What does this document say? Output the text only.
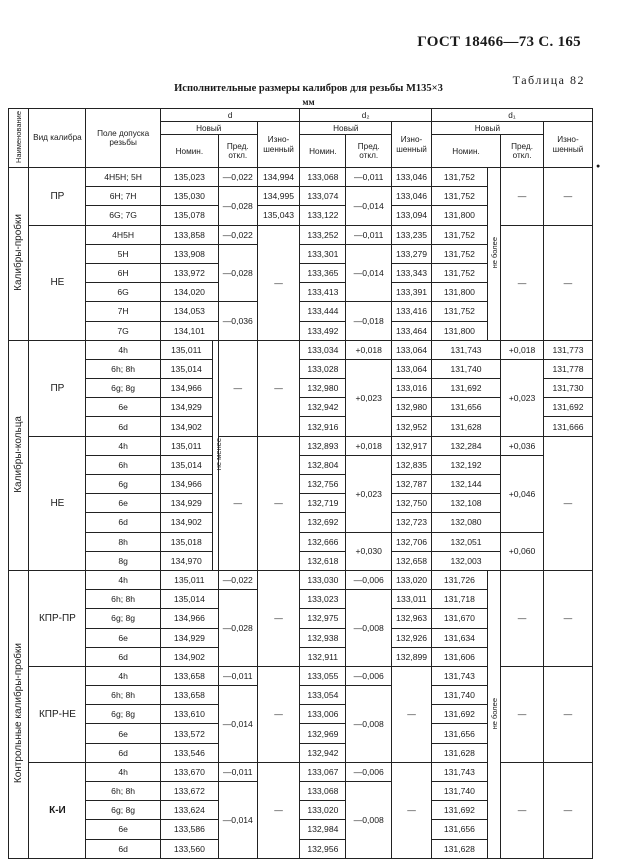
ГОСТ 18466—73 С. 165
Таблица 82
Исполнительные размеры калибров для резьбы М135×3
мм
●
Наименование	Вид калибра	Поле допуска резьбы	d				d₂			d₁			
			Новый			Изно-шенный	Новый		Изно-шенный	Новый			Изно-шенный
			Номин.		Пред. откл.		Номин.	Пред. откл.		Номин.		Пред. откл.	
Калибры-пробки	ПР	4H5H; 5H	135,023		—0,022	134,994	133,068	—0,011	133,046	131,752	не более	—	—
		6H; 7H	135,030		—0,028	134,995	133,074	—0,014	133,046	131,752			
		6G; 7G	135,078			135,043	133,122		133,094	131,800			
	НЕ	4H5H	133,858		—0,022	—	133,252	—0,011	133,235	131,752		—	—
		5H	133,908		—0,028		133,301	—0,014	133,279	131,752			
		6H	133,972				133,365		133,343	131,752			
		6G	134,020				133,413		133,391	131,800			
		7H	134,053		—0,036		133,444	—0,018	133,416	131,752			
		7G	134,101				133,492		133,464	131,800			
Калибры-кольца	ПР	4h	135,011	не менее	—	—	133,034	+0,018	133,064	131,743		+0,018	131,773
		6h; 8h	135,014				133,028	+0,023	133,064	131,740		+0,023	131,778
		6g; 8g	134,966				132,980		133,016	131,692			131,730
		6e	134,929				132,942		132,980	131,656			131,692
		6d	134,902				132,916		132,952	131,628			131,666
	НЕ	4h	135,011		—	—	132,893	+0,018	132,917	132,284		+0,036	—
		6h	135,014				132,804	+0,023	132,835	132,192		+0,046	
		6g	134,966				132,756		132,787	132,144			
		6e	134,929				132,719		132,750	132,108			
		6d	134,902				132,692		132,723	132,080			
		8h	135,018				132,666	+0,030	132,706	132,051		+0,060	
		8g	134,970				132,618		132,658	132,003			
Контрольные калибры-пробки	КПР-ПР	4h	135,011		—0,022	—	133,030	—0,006	133,020	131,726	не более	—	—
		6h; 8h	135,014		—0,028		133,023	—0,008	133,011	131,718			
		6g; 8g	134,966				132,975		132,963	131,670			
		6e	134,929				132,938		132,926	131,634			
		6d	134,902				132,911		132,899	131,606			
	КПР-НЕ	4h	133,658		—0,011	—	133,055	—0,006	—	131,743		—	—
		6h; 8h	133,658		—0,014		133,054	—0,008		131,740			
		6g; 8g	133,610				133,006			131,692			
		6e	133,572				132,969			131,656			
		6d	133,546				132,942			131,628			
	К-И	4h	133,670		—0,011	—	133,067	—0,006	—	131,743		—	—
		6h; 8h	133,672		—0,014		133,068	—0,008		131,740			
		6g; 8g	133,624				133,020			131,692			
		6e	133,586				132,984			131,656			
		6d	133,560				132,956			131,628			
